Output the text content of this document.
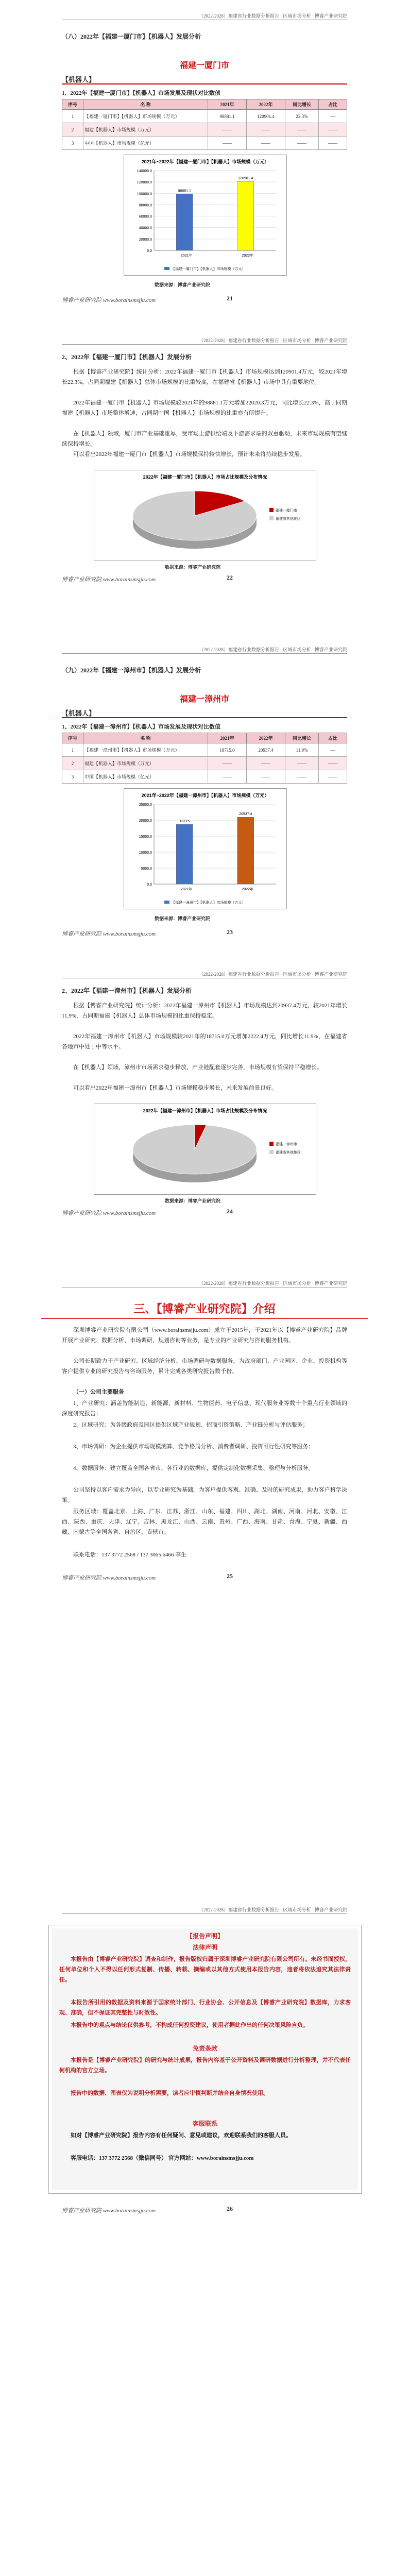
（2022-2028）福建省行业数据分析报告 · 区域市场分析 · 博睿产业研究院
（八）2022年【福建一厦门市】【机器人】发展分析
福建一厦门市
【机器人】
1、2022年【福建一厦门市】【机器人】市场发展及现状对比数值
序号	名 称	2021年	2022年	同比增长	占比
1	【福建一厦门市】【机器人】市场规模（万元）	98881.1	120901.4	22.3%	—
2	福建【机器人】市场规模（万元）	——	——	——	——
3	中国【机器人】市场规模（亿元）	——	——	——	——
2021年~2022年【福建一厦门市】【机器人】市场规模（万元）
140000.0
120000.0
100000.0
80000.0
60000.0
40000.0
20000.0
0.0
98881.1
2021年
120901.4
2022年
【福建一厦门市】【机器人】市场规模（万元）
数据来源：博睿产业研究院
博睿产业研究院 www.borainsmsjju.com	21
（2022-2028）福建省行业数据分析报告 · 区域市场分析 · 博睿产业研究院
2、2022年【福建一厦门市】【机器人】发展分析

根据【博睿产业研究院】统计分析：2022年福建一厦门市【机器人】市场规模达到120901.4万元，较2021年增长22.3%，占同期福建【机器人】总体市场规模的比重较高，在福建省【机器人】市场中具有重要地位。

2022年福建一厦门市【机器人】市场规模较2021年的98881.1万元增加22020.3万元，同比增长22.3%，高于同期福建【机器人】市场整体增速，占同期中国【机器人】市场规模的比重亦有所提升。

在【机器人】领域，厦门市产业基础雄厚，受市场上游供给端及下游需求端的双重驱动，未来市场规模有望继续保持增长。

可以看出2022年福建一厦门市【机器人】市场规模保持较快增长，预计未来将持续稳步发展。

2022年【福建一厦门市】【机器人】市场占比规模及分布情况
福建一厦门市
福建省其他地区
数据来源：博睿产业研究院
博睿产业研究院 www.borainsmsjju.com	22
（2022-2028）福建省行业数据分析报告 · 区域市场分析 · 博睿产业研究院
（九）2022年【福建一漳州市】【机器人】发展分析
福建一漳州市
【机器人】
1、2022年【福建一漳州市】【机器人】市场发展及现状对比数值
序号	名 称	2021年	2022年	同比增长	占比
1	【福建一漳州市】【机器人】市场规模（万元）	18715.0	20937.4	11.9%	—
2	福建【机器人】市场规模（万元）	——	——	——	——
3	中国【机器人】市场规模（亿元）	——	——	——	——
2021年~2022年【福建一漳州市】【机器人】市场规模（万元）
25000.0
20000.0
15000.0
10000.0
5000.0
0.0
18715
2021年
20937.4
2022年
【福建一漳州市】【机器人】市场规模（万元）
数据来源：博睿产业研究院
博睿产业研究院 www.borainsmsjju.com	23
（2022-2028）福建省行业数据分析报告 · 区域市场分析 · 博睿产业研究院
2、2022年【福建一漳州市】【机器人】发展分析

根据【博睿产业研究院】统计分析：2022年福建一漳州市【机器人】市场规模达到20937.4万元，较2021年增长11.9%，占同期福建【机器人】总体市场规模的比重保持稳定。

2022年福建一漳州市【机器人】市场规模较2021年的18715.0万元增加2222.4万元，同比增长11.9%，在福建省各地市中处于中等水平。

在【机器人】领域，漳州市市场需求稳步释放，产业链配套逐步完善，市场规模有望保持平稳增长。

可以看出2022年福建一漳州市【机器人】市场规模稳步增长，未来发展前景良好。

2022年【福建一漳州市】【机器人】市场占比规模及分布情况
福建一漳州市
福建省其他地区
数据来源：博睿产业研究院
博睿产业研究院 www.borainsmsjju.com	24
（2022-2028）福建省行业数据分析报告 · 区域市场分析 · 博睿产业研究院
三、【博睿产业研究院】介绍

深圳博睿产业研究院有限公司（www.borainsmsjju.com）成立于2015年，于2021年以【博睿产业研究院】品牌开展产业研究、数据分析、市场调研、规划咨询等业务，是专业的产业研究与咨询服务机构。

公司长期致力于产业研究、区域经济分析、市场调研与数据服务，为政府部门、产业园区、企业、投资机构等客户提供专业的研究报告与咨询服务，累计完成各类研究报告数千份。

（一）公司主要服务

1、产业研究：涵盖智能制造、新能源、新材料、生物医药、电子信息、现代服务业等数十个重点行业领域的深度研究报告；

2、区域研究：为各级政府及园区提供区域产业规划、招商引资策略、产业链分析与评估服务；

3、市场调研：为企业提供市场规模测算、竞争格局分析、消费者调研、投资可行性研究等服务；

4、数据服务：建立覆盖全国各省市、各行业的数据库，提供定制化数据采集、整理与分析服务。

公司坚持以客户需求为导向，以专业研究为基础，为客户提供客观、准确、及时的研究成果，助力客户科学决策。

服务区域：覆盖北京、上海、广东、江苏、浙江、山东、福建、四川、湖北、湖南、河南、河北、安徽、江西、陕西、重庆、天津、辽宁、吉林、黑龙江、山西、云南、贵州、广西、海南、甘肃、青海、宁夏、新疆、西藏、内蒙古等全国各省、自治区、直辖市。

联系电话：137 3772 2568 / 137 3065 6466 李生

博睿产业研究院 www.borainsmsjju.com	25
（2022-2028）福建省行业数据分析报告 · 区域市场分析 · 博睿产业研究院
【报告声明】
法律声明

本报告由【博睿产业研究院】调查和制作，报告版权归属于深圳博睿产业研究院有限公司所有。未经书面授权，任何单位和个人不得以任何形式复制、传播、转载、摘编或以其他方式使用本报告内容，违者将依法追究其法律责任。

本报告所引用的数据及资料来源于国家统计部门、行业协会、公开信息及【博睿产业研究院】数据库，力求客观、准确，但不保证其完整性与时效性。

本报告中的观点与结论仅供参考，不构成任何投资建议，使用者据此作出的任何决策风险自负。

免责条款

本报告是【博睿产业研究院】的研究与统计成果，报告内容基于公开资料及调研数据进行分析整理，并不代表任何机构的官方立场。

报告中的数据、图表仅为说明分析需要，读者应审慎判断并结合自身情况使用。

客服联系

如对【博睿产业研究院】报告内容有任何疑问、意见或建议，欢迎联系我们的客服人员。

客服电话：137 3772 2568（微信同号） 官方网站：www.borainsmsjju.com

博睿产业研究院 www.borainsmsjju.com	26
